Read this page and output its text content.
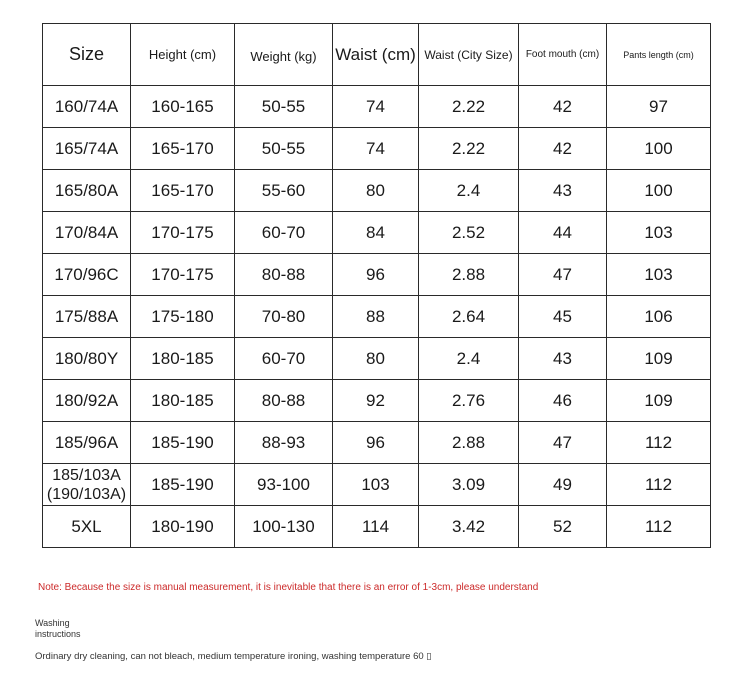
Size	Height (cm)	Weight (kg)	Waist (cm)	Waist (City Size)	Foot mouth (cm)	Pants length (cm)
160/74A	160-165	50-55	74	2.22	42	97
165/74A	165-170	50-55	74	2.22	42	100
165/80A	165-170	55-60	80	2.4	43	100
170/84A	170-175	60-70	84	2.52	44	103
170/96C	170-175	80-88	96	2.88	47	103
175/88A	175-180	70-80	88	2.64	45	106
180/80Y	180-185	60-70	80	2.4	43	109
180/92A	180-185	80-88	92	2.76	46	109
185/96A	185-190	88-93	96	2.88	47	112

185/103A
(190/103A)	185-190	93-100	103	3.09	49	112
5XL	180-190	100-130	114	3.42	52	112
Note: Because the size is manual measurement, it is inevitable that there is an error of 1-3cm, please understand
Washing
instructions
Ordinary dry cleaning, can not bleach, medium temperature ironing, washing temperature 60 ▯
